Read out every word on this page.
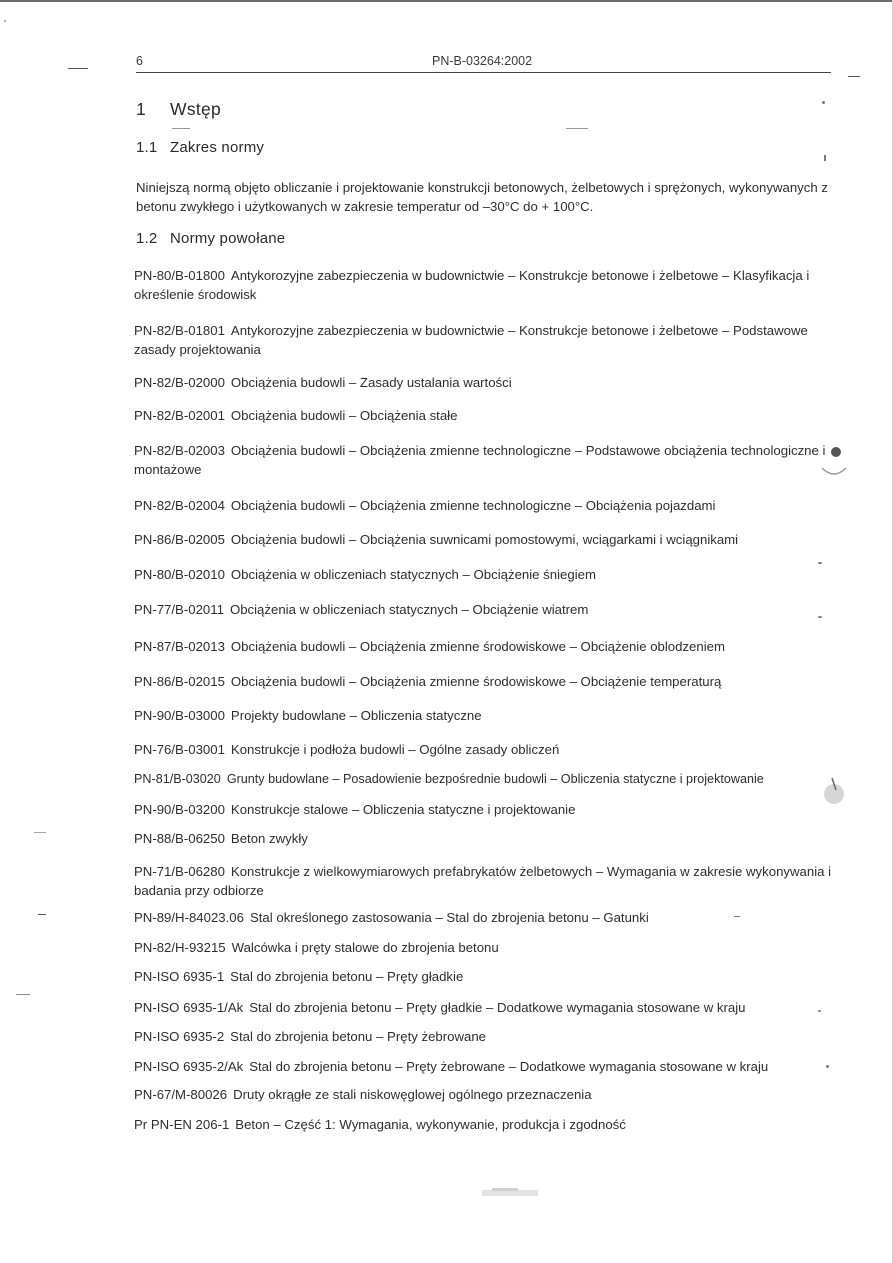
6	PN-B-03264:2002
1 Wstęp
1.1 Zakres normy
Niniejszą normą objęto obliczanie i projektowanie konstrukcji betonowych, żelbetowych i sprężonych, wykonywanych z betonu zwykłego i użytkowanych w zakresie temperatur od –30°C do + 100°C.
1.2 Normy powołane
PN-80/B-01800 Antykorozyjne zabezpieczenia w budownictwie – Konstrukcje betonowe i żelbetowe – Klasyfikacja i określenie środowisk
PN-82/B-01801 Antykorozyjne zabezpieczenia w budownictwie – Konstrukcje betonowe i żelbetowe – Podstawowe zasady projektowania
PN-82/B-02000 Obciążenia budowli – Zasady ustalania wartości
PN-82/B-02001 Obciążenia budowli – Obciążenia stałe
PN-82/B-02003 Obciążenia budowli – Obciążenia zmienne technologiczne – Podstawowe obciążenia technologiczne i montażowe
PN-82/B-02004 Obciążenia budowli – Obciążenia zmienne technologiczne – Obciążenia pojazdami
PN-86/B-02005 Obciążenia budowli – Obciążenia suwnicami pomostowymi, wciągarkami i wciągnikami
PN-80/B-02010 Obciążenia w obliczeniach statycznych – Obciążenie śniegiem
PN-77/B-02011 Obciążenia w obliczeniach statycznych – Obciążenie wiatrem
PN-87/B-02013 Obciążenia budowli – Obciążenia zmienne środowiskowe – Obciążenie oblodzeniem
PN-86/B-02015 Obciążenia budowli – Obciążenia zmienne środowiskowe – Obciążenie temperaturą
PN-90/B-03000 Projekty budowlane – Obliczenia statyczne
PN-76/B-03001 Konstrukcje i podłoża budowli – Ogólne zasady obliczeń
PN-81/B-03020 Grunty budowlane – Posadowienie bezpośrednie budowli – Obliczenia statyczne i projektowanie
PN-90/B-03200 Konstrukcje stalowe – Obliczenia statyczne i projektowanie
PN-88/B-06250 Beton zwykły
PN-71/B-06280 Konstrukcje z wielkowymiarowych prefabrykatów żelbetowych – Wymagania w zakresie wykonywania i badania przy odbiorze
PN-89/H-84023.06 Stal określonego zastosowania – Stal do zbrojenia betonu – Gatunki
PN-82/H-93215 Walcówka i pręty stalowe do zbrojenia betonu
PN-ISO 6935-1 Stal do zbrojenia betonu – Pręty gładkie
PN-ISO 6935-1/Ak Stal do zbrojenia betonu – Pręty gładkie – Dodatkowe wymagania stosowane w kraju
PN-ISO 6935-2 Stal do zbrojenia betonu – Pręty żebrowane
PN-ISO 6935-2/Ak Stal do zbrojenia betonu – Pręty żebrowane – Dodatkowe wymagania stosowane w kraju
PN-67/M-80026 Druty okrągłe ze stali niskowęglowej ogólnego przeznaczenia
Pr PN-EN 206-1 Beton – Część 1: Wymagania, wykonywanie, produkcja i zgodność
